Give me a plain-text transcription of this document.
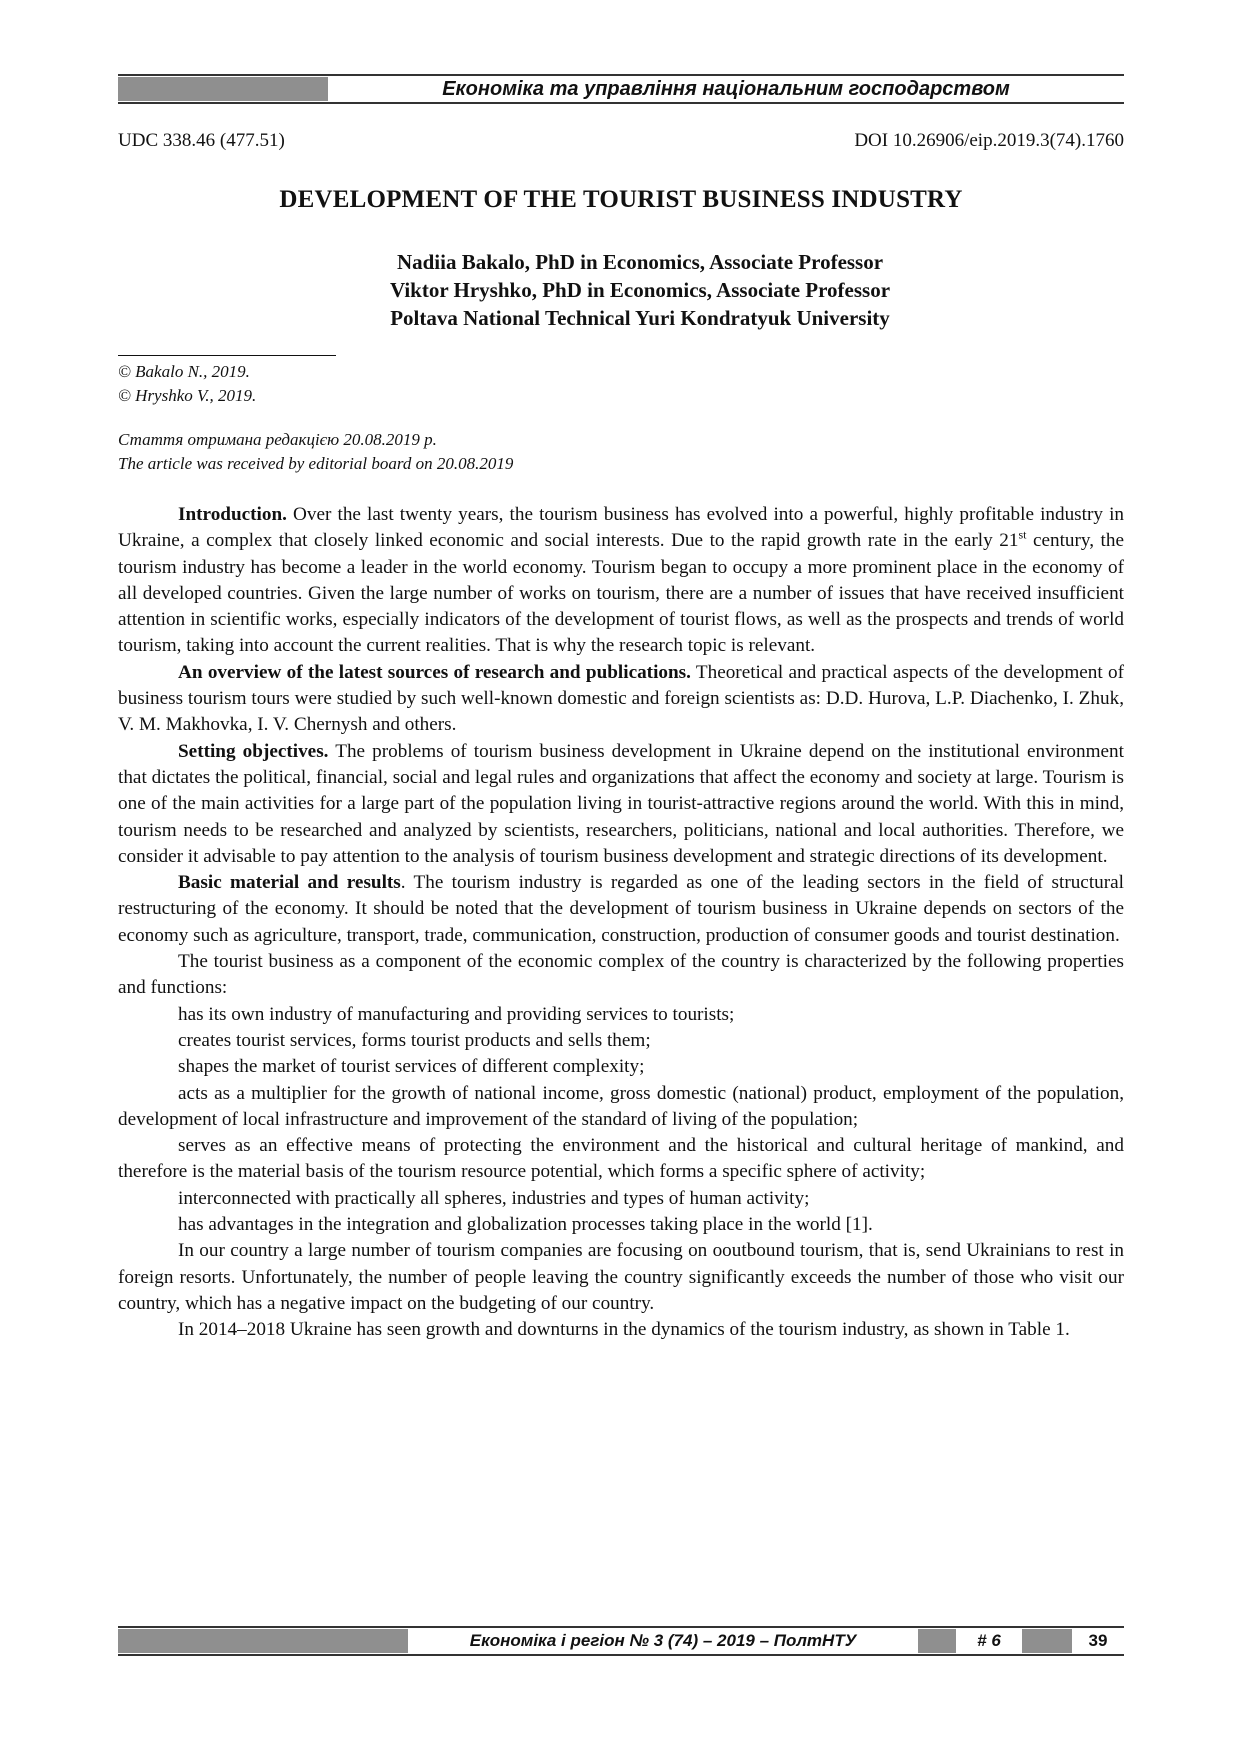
Економіка та управління національним господарством
UDC 338.46 (477.51)	DOI 10.26906/eip.2019.3(74).1760
DEVELOPMENT OF THE TOURIST BUSINESS INDUSTRY
Nadiia Bakalo, PhD in Economics, Associate Professor
Viktor Hryshko, PhD in Economics, Associate Professor
Poltava National Technical Yuri Kondratyuk University
© Bakalo N., 2019.
© Hryshko V., 2019.
Стаття отримана редакцією 20.08.2019 р.
The article was received by editorial board on 20.08.2019

Introduction. Over the last twenty years, the tourism business has evolved into a powerful, highly profitable industry in Ukraine, a complex that closely linked economic and social interests. Due to the rapid growth rate in the early 21st century, the tourism industry has become a leader in the world economy. Tourism began to occupy a more prominent place in the economy of all developed countries. Given the large number of works on tourism, there are a number of issues that have received insufficient attention in scientific works, especially indicators of the development of tourist flows, as well as the prospects and trends of world tourism, taking into account the current realities. That is why the research topic is relevant.

An overview of the latest sources of research and publications. Theoretical and practical aspects of the development of business tourism tours were studied by such well-known domestic and foreign scientists as: D.D. Hurova, L.P. Diachenko, I. Zhuk, V. M. Makhovka, I. V. Chernysh and others.

Setting objectives. The problems of tourism business development in Ukraine depend on the institutional environment that dictates the political, financial, social and legal rules and organizations that affect the economy and society at large. Tourism is one of the main activities for a large part of the population living in tourist-attractive regions around the world. With this in mind, tourism needs to be researched and analyzed by scientists, researchers, politicians, national and local authorities. Therefore, we consider it advisable to pay attention to the analysis of tourism business development and strategic directions of its development.

Basic material and results. The tourism industry is regarded as one of the leading sectors in the field of structural restructuring of the economy. It should be noted that the development of tourism business in Ukraine depends on sectors of the economy such as agriculture, transport, trade, communication, construction, production of consumer goods and tourist destination.

The tourist business as a component of the economic complex of the country is characterized by the following properties and functions:

has its own industry of manufacturing and providing services to tourists;

creates tourist services, forms tourist products and sells them;

shapes the market of tourist services of different complexity;

acts as a multiplier for the growth of national income, gross domestic (national) product, employment of the population, development of local infrastructure and improvement of the standard of living of the population;

serves as an effective means of protecting the environment and the historical and cultural heritage of mankind, and therefore is the material basis of the tourism resource potential, which forms a specific sphere of activity;

interconnected with practically all spheres, industries and types of human activity;

has advantages in the integration and globalization processes taking place in the world [1].

In our country a large number of tourism companies are focusing on ooutbound tourism, that is, send Ukrainians to rest in foreign resorts. Unfortunately, the number of people leaving the country significantly exceeds the number of those who visit our country, which has a negative impact on the budgeting of our country.

In 2014–2018 Ukraine has seen growth and downturns in the dynamics of the tourism industry, as shown in Table 1.

Економіка і регіон № 3 (74) – 2019 – ПолтНТУ	# 6	39
